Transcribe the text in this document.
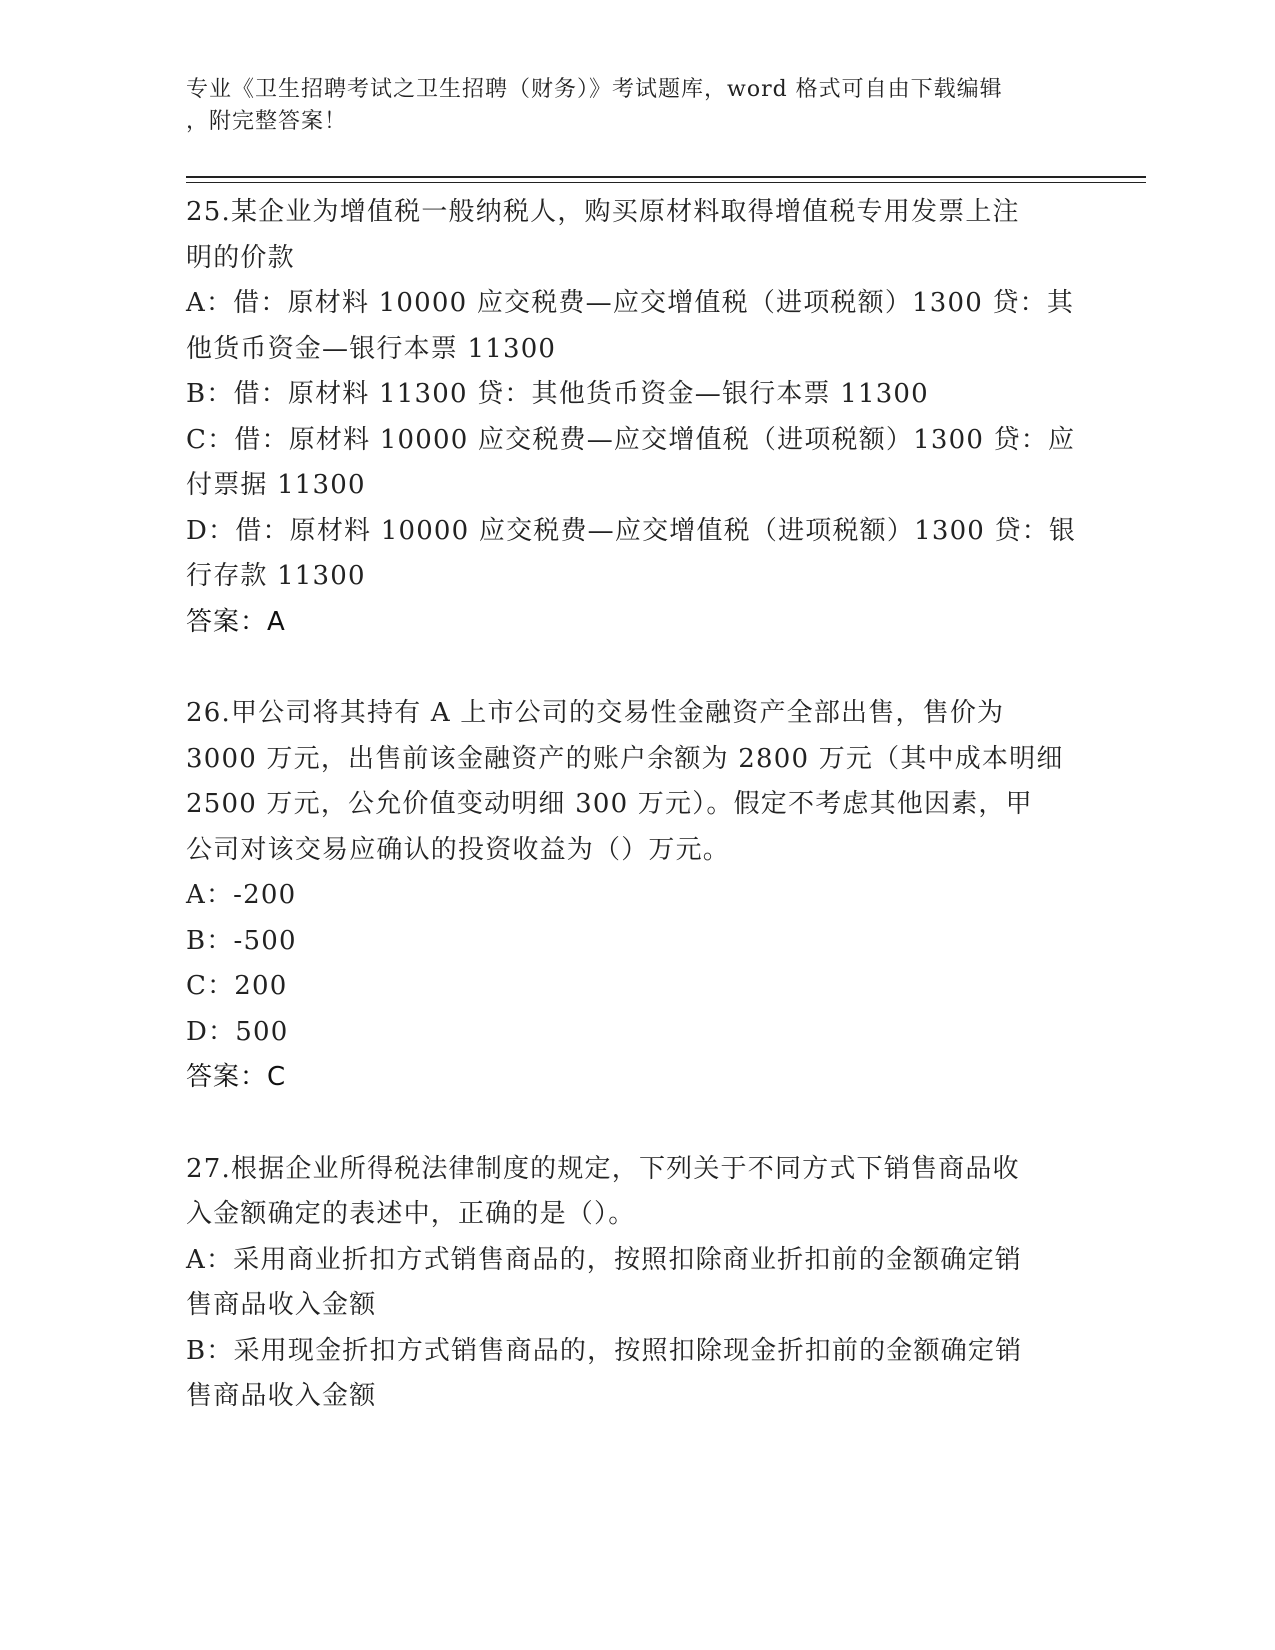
专业《卫生招聘考试之卫生招聘（财务）》考试题库，word 格式可自由下载编辑
，附完整答案！

25.某企业为增值税一般纳税人，购买原材料取得增值税专用发票上注

明的价款

A：借：原材料 10000 应交税费—应交增值税（进项税额）1300 贷：其

他货币资金—银行本票 11300

B：借：原材料 11300 贷：其他货币资金—银行本票 11300

C：借：原材料 10000 应交税费—应交增值税（进项税额）1300 贷：应

付票据 11300

D：借：原材料 10000 应交税费—应交增值税（进项税额）1300 贷：银

行存款 11300

答案：A

26.甲公司将其持有 A 上市公司的交易性金融资产全部出售，售价为

3000 万元，出售前该金融资产的账户余额为 2800 万元（其中成本明细

2500 万元，公允价值变动明细 300 万元）。假定不考虑其他因素，甲

公司对该交易应确认的投资收益为（）万元。

A：-200

B：-500

C：200

D：500

答案：C

27.根据企业所得税法律制度的规定，下列关于不同方式下销售商品收

入金额确定的表述中，正确的是（）。

A：采用商业折扣方式销售商品的，按照扣除商业折扣前的金额确定销

售商品收入金额

B：采用现金折扣方式销售商品的，按照扣除现金折扣前的金额确定销

售商品收入金额
